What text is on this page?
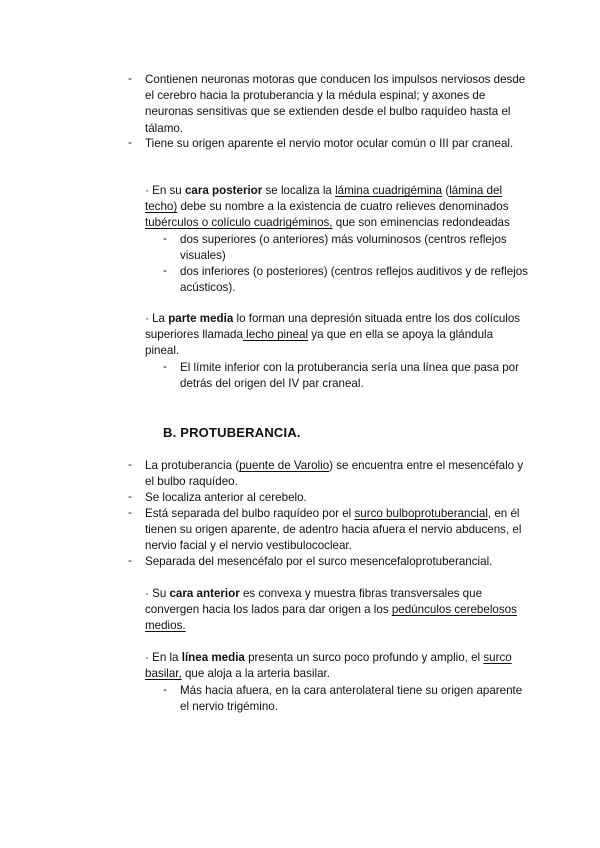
- Contienen neuronas motoras que conducen los impulsos nerviosos desde el cerebro hacia la protuberancia y la médula espinal; y axones de neuronas sensitivas que se extienden desde el bulbo raquídeo hasta el tálamo.
- Tiene su origen aparente el nervio motor ocular común o III par craneal.
· En su cara posterior se localiza la lámina cuadrigémina (lámina del techo) debe su nombre a la existencia de cuatro relieves denominados tubérculos o colículo cuadrigéminos, que son eminencias redondeadas
- dos superiores (o anteriores) más voluminosos (centros reflejos visuales)
- dos inferiores (o posteriores) (centros reflejos auditivos y de reflejos acústicos).
· La parte media lo forman una depresión situada entre los dos colículos superiores llamada lecho pineal ya que en ella se apoya la glándula pineal.
- El límite inferior con la protuberancia sería una línea que pasa por detrás del origen del IV par craneal.
B. PROTUBERANCIA.
- La protuberancia (puente de Varolio) se encuentra entre el mesencéfalo y el bulbo raquídeo.
- Se localiza anterior al cerebelo.
- Está separada del bulbo raquídeo por el surco bulboprotuberancial, en él tienen su origen aparente, de adentro hacia afuera el nervio abducens, el nervio facial y el nervio vestibulococlear.
- Separada del mesencéfalo por el surco mesencefaloprotuberancial.
· Su cara anterior es convexa y muestra fibras transversales que convergen hacia los lados para dar origen a los pedúnculos cerebelosos medios.
· En la línea media presenta un surco poco profundo y amplio, el surco basilar, que aloja a la arteria basilar.
- Más hacia afuera, en la cara anterolateral tiene su origen aparente el nervio trigémino.
